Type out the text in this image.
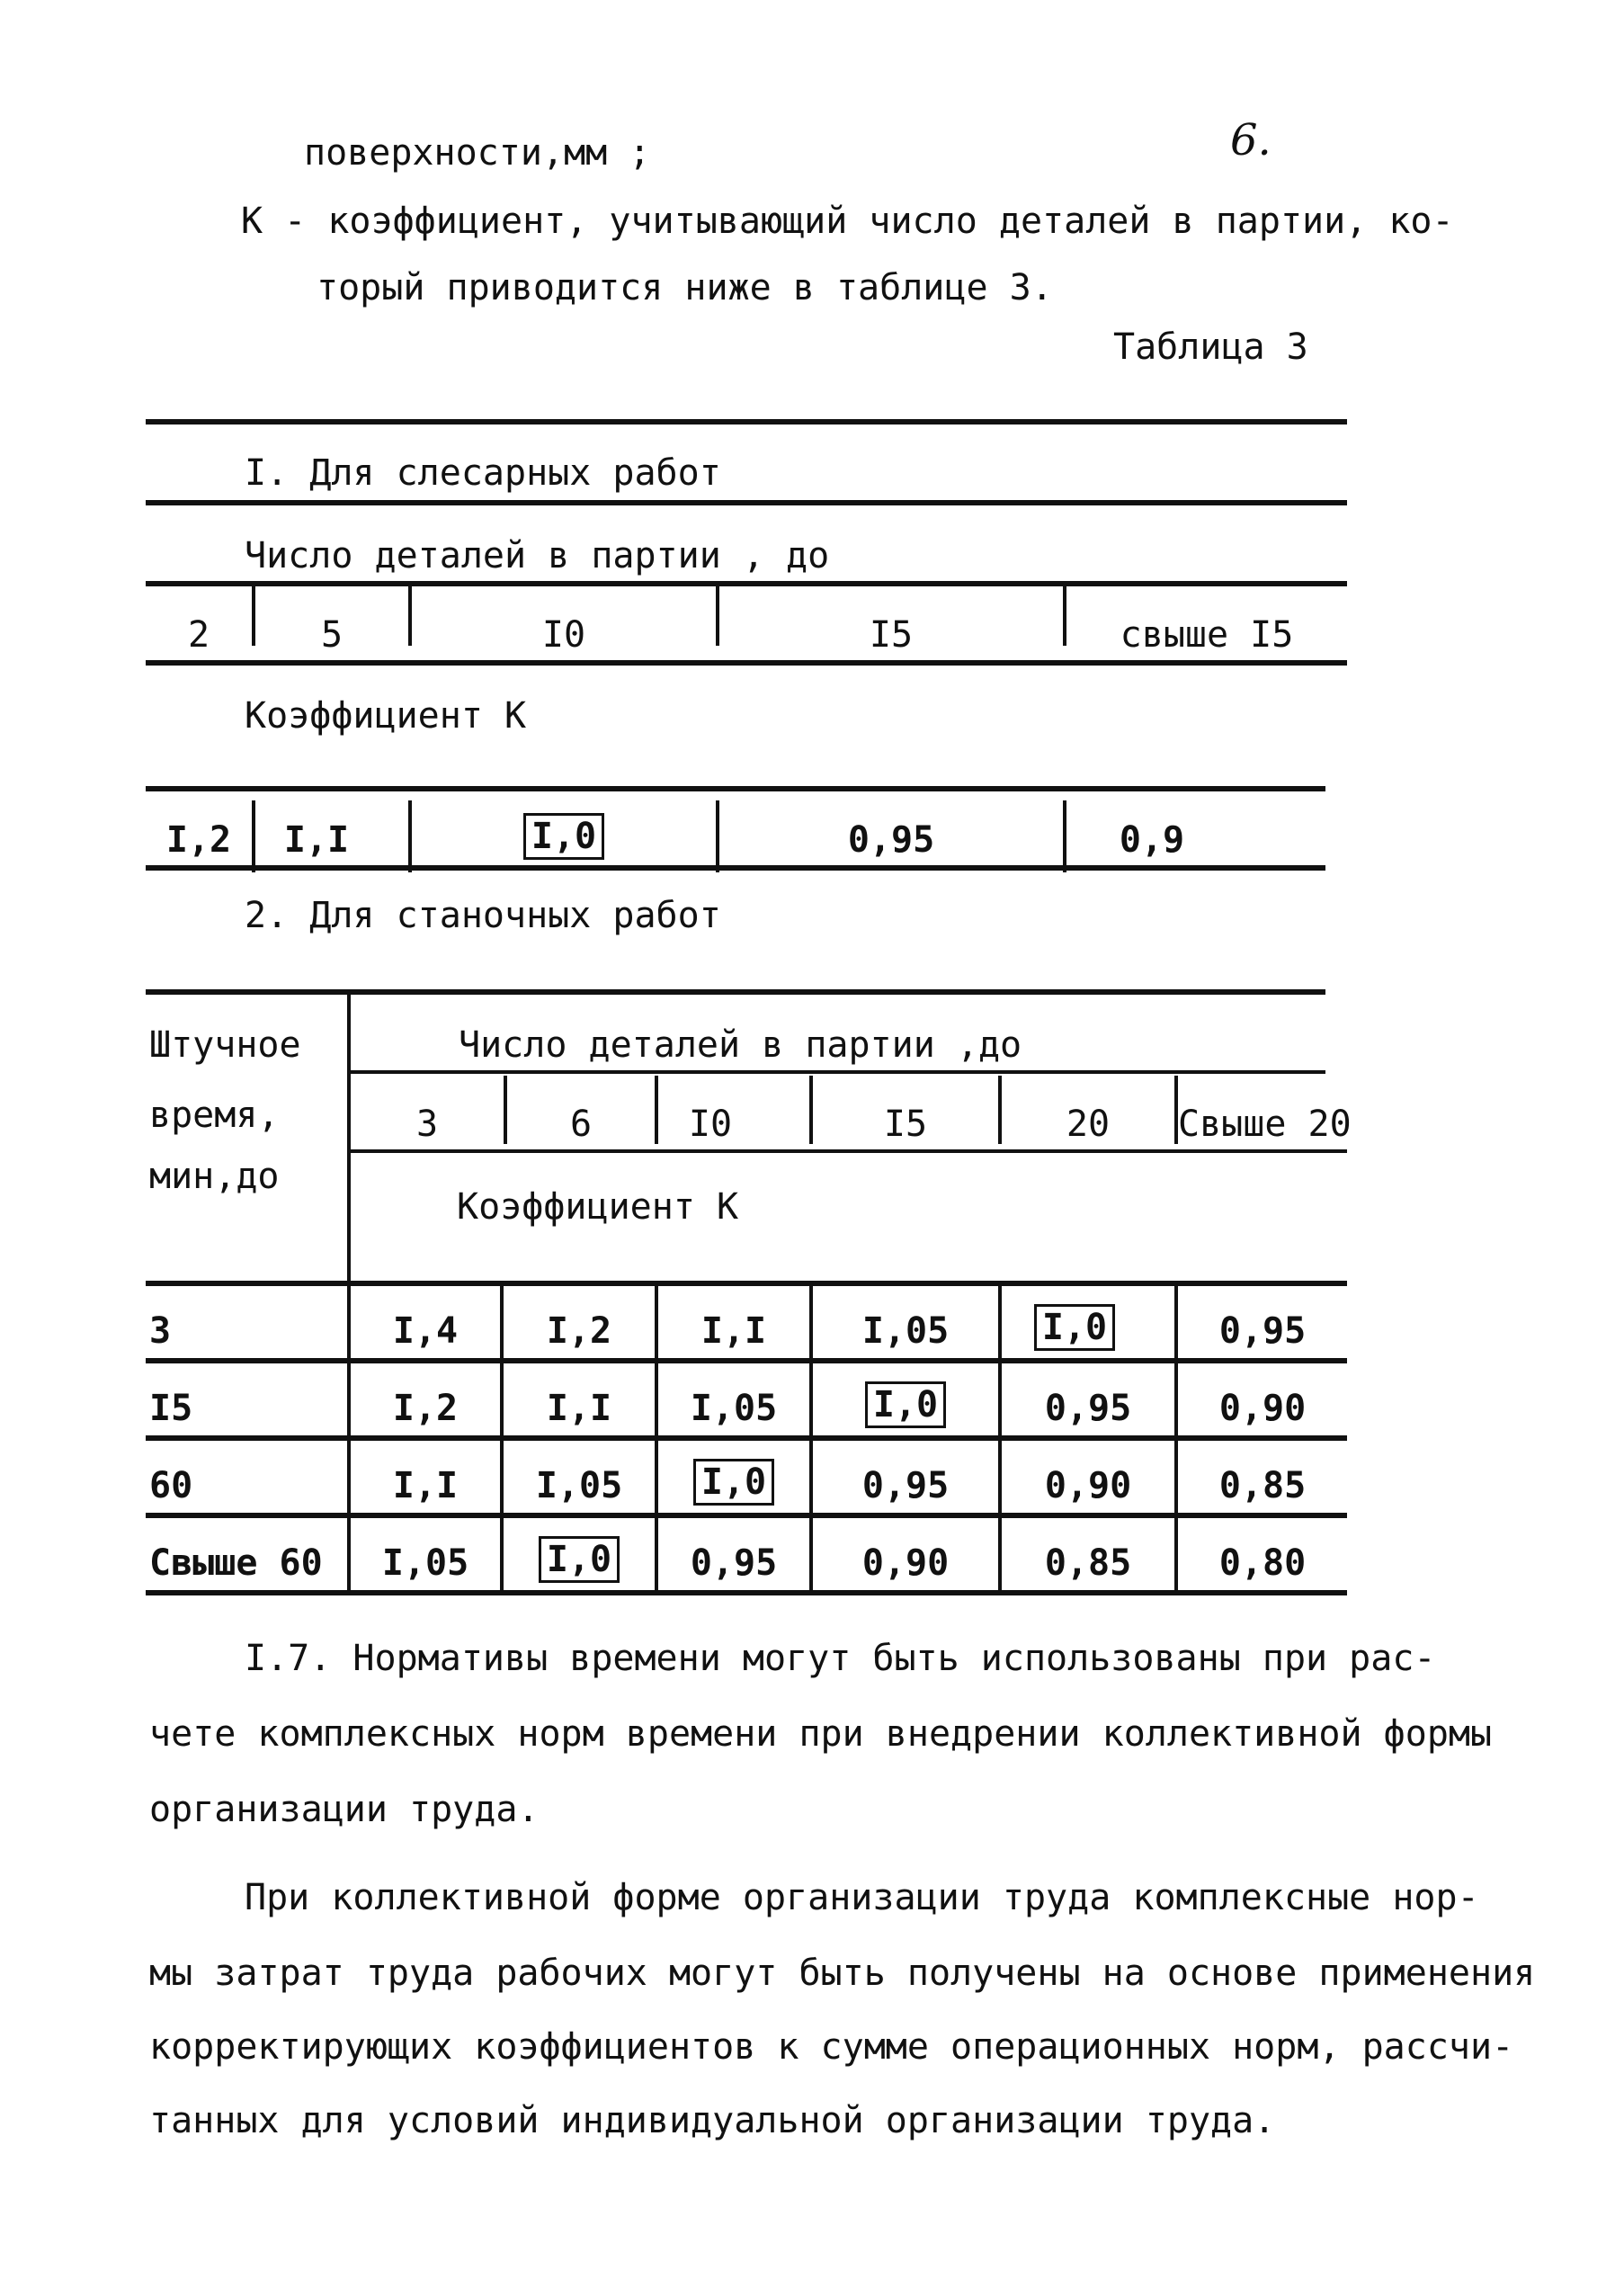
6.
поверхности,мм ;
К - коэффициент, учитывающий число деталей в партии, ко-
торый приводится ниже в таблице 3.
Таблица 3
I. Для слесарных работ
Число деталей в партии , до
2	5	I0	I5	свыше I5
Коэффициент К
I,2	I,I	I,0	0,95	0,9
2. Для станочных работ
Штучное
время,
мин,до
Число деталей в партии ,до
3	6	I0	I5	20	Свыше 20
Коэффициент К
3	I,4	I,2	I,I	I,05	I,0	0,95
I5	I,2	I,I	I,05	I,0	0,95	0,90
60	I,I	I,05	I,0	0,95	0,90	0,85
Свыше 60	I,05	I,0	0,95	0,90	0,85	0,80
I.7. Нормативы времени могут быть использованы при рас-
чете комплексных норм времени при внедрении коллективной формы
организации труда.
При коллективной форме организации труда комплексные нор-
мы затрат труда рабочих могут быть получены на основе применения
корректирующих коэффициентов к сумме операционных норм, рассчи-
танных для условий индивидуальной организации труда.
